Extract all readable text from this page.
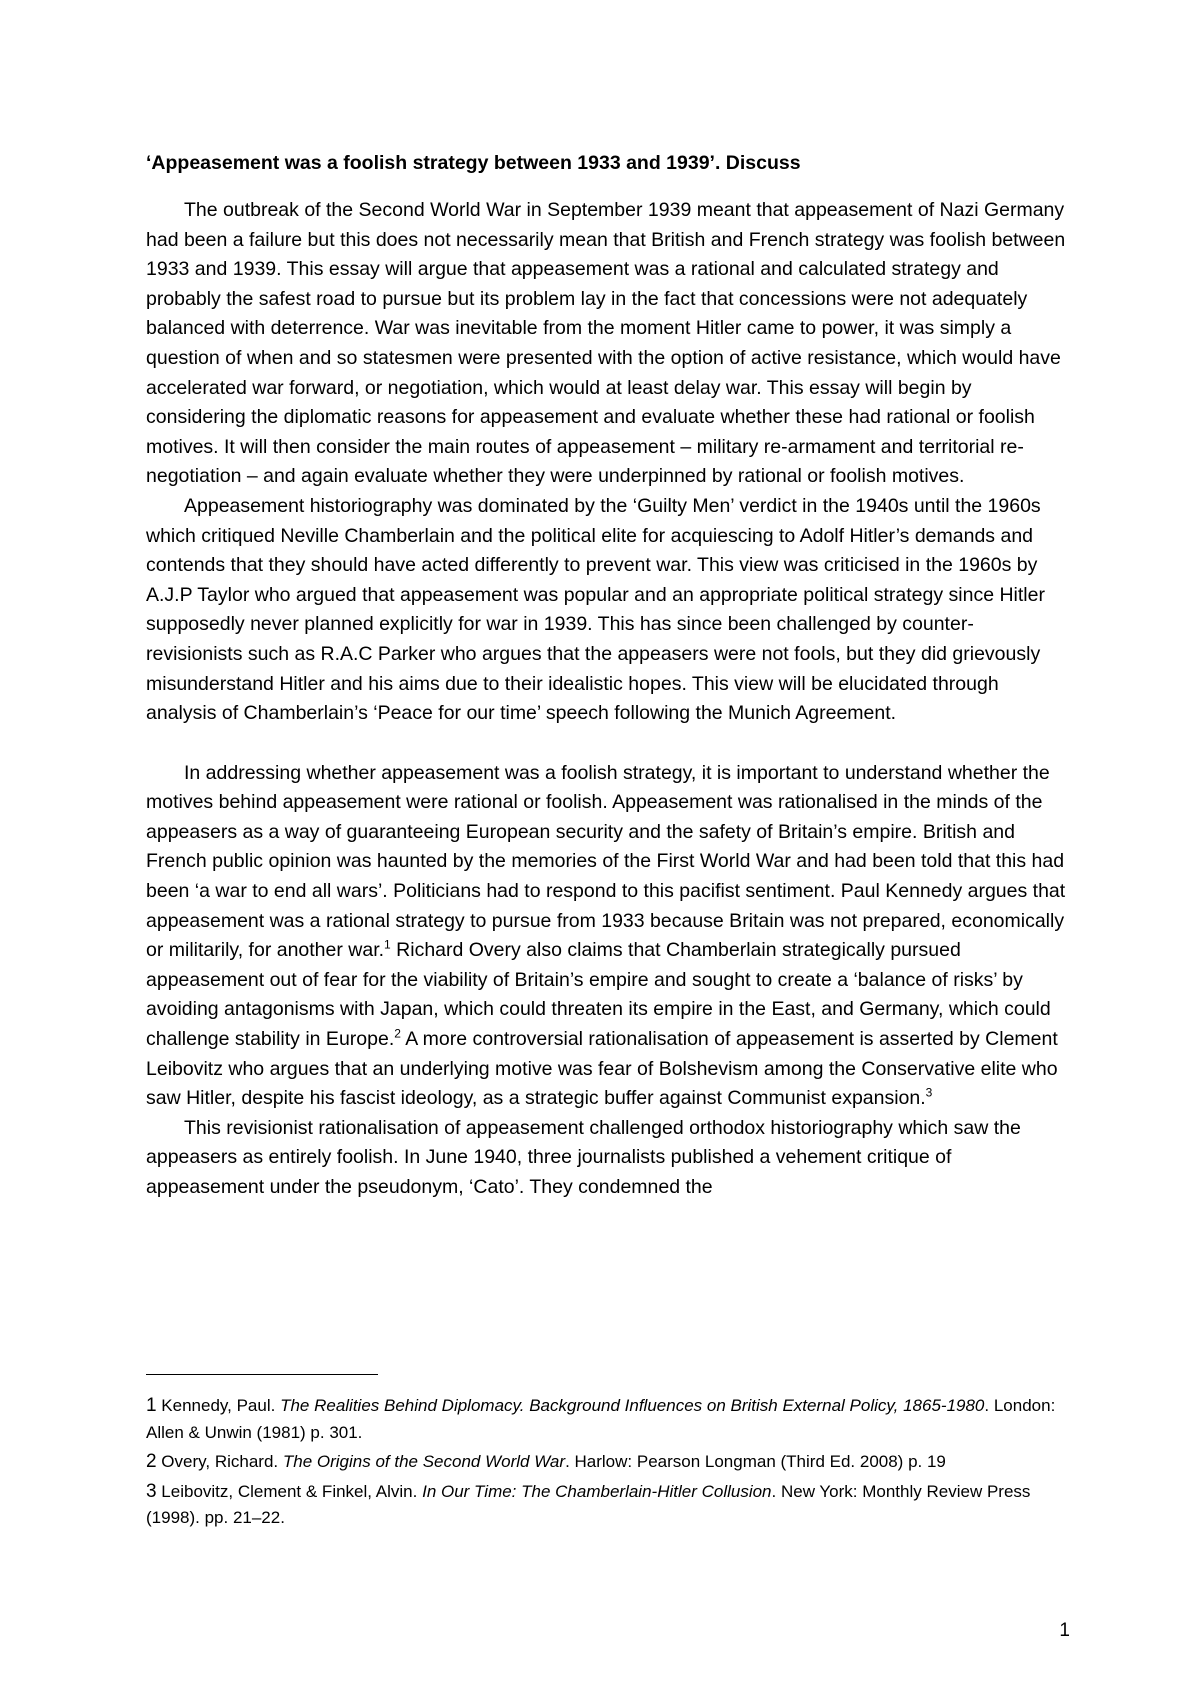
‘Appeasement was a foolish strategy between 1933 and 1939’. Discuss

The outbreak of the Second World War in September 1939 meant that appeasement of Nazi Germany had been a failure but this does not necessarily mean that British and French strategy was foolish between 1933 and 1939. This essay will argue that appeasement was a rational and calculated strategy and probably the safest road to pursue but its problem lay in the fact that concessions were not adequately balanced with deterrence. War was inevitable from the moment Hitler came to power, it was simply a question of when and so statesmen were presented with the option of active resistance, which would have accelerated war forward, or negotiation, which would at least delay war. This essay will begin by considering the diplomatic reasons for appeasement and evaluate whether these had rational or foolish motives. It will then consider the main routes of appeasement – military re-armament and territorial re-negotiation – and again evaluate whether they were underpinned by rational or foolish motives.

Appeasement historiography was dominated by the ‘Guilty Men’ verdict in the 1940s until the 1960s which critiqued Neville Chamberlain and the political elite for acquiescing to Adolf Hitler’s demands and contends that they should have acted differently to prevent war. This view was criticised in the 1960s by A.J.P Taylor who argued that appeasement was popular and an appropriate political strategy since Hitler supposedly never planned explicitly for war in 1939. This has since been challenged by counter-revisionists such as R.A.C Parker who argues that the appeasers were not fools, but they did grievously misunderstand Hitler and his aims due to their idealistic hopes. This view will be elucidated through analysis of Chamberlain’s ‘Peace for our time’ speech following the Munich Agreement.

In addressing whether appeasement was a foolish strategy, it is important to understand whether the motives behind appeasement were rational or foolish. Appeasement was rationalised in the minds of the appeasers as a way of guaranteeing European security and the safety of Britain’s empire. British and French public opinion was haunted by the memories of the First World War and had been told that this had been ‘a war to end all wars’. Politicians had to respond to this pacifist sentiment. Paul Kennedy argues that appeasement was a rational strategy to pursue from 1933 because Britain was not prepared, economically or militarily, for another war.$^1$ Richard Overy also claims that Chamberlain strategically pursued appeasement out of fear for the viability of Britain’s empire and sought to create a ‘balance of risks’ by avoiding antagonisms with Japan, which could threaten its empire in the East, and Germany, which could challenge stability in Europe.$^2$ A more controversial rationalisation of appeasement is asserted by Clement Leibovitz who argues that an underlying motive was fear of Bolshevism among the Conservative elite who saw Hitler, despite his fascist ideology, as a strategic buffer against Communist expansion.$^3$

This revisionist rationalisation of appeasement challenged orthodox historiography which saw the appeasers as entirely foolish. In June 1940, three journalists published a vehement critique of appeasement under the pseudonym, ‘Cato’. They condemned the

1 Kennedy, Paul. The Realities Behind Diplomacy. Background Influences on British External Policy, 1865-1980. London: Allen & Unwin (1981) p. 301.

2 Overy, Richard. The Origins of the Second World War. Harlow: Pearson Longman (Third Ed. 2008) p. 19

3 Leibovitz, Clement & Finkel, Alvin. In Our Time: The Chamberlain-Hitler Collusion. New York: Monthly Review Press (1998). pp. 21–22.

1
